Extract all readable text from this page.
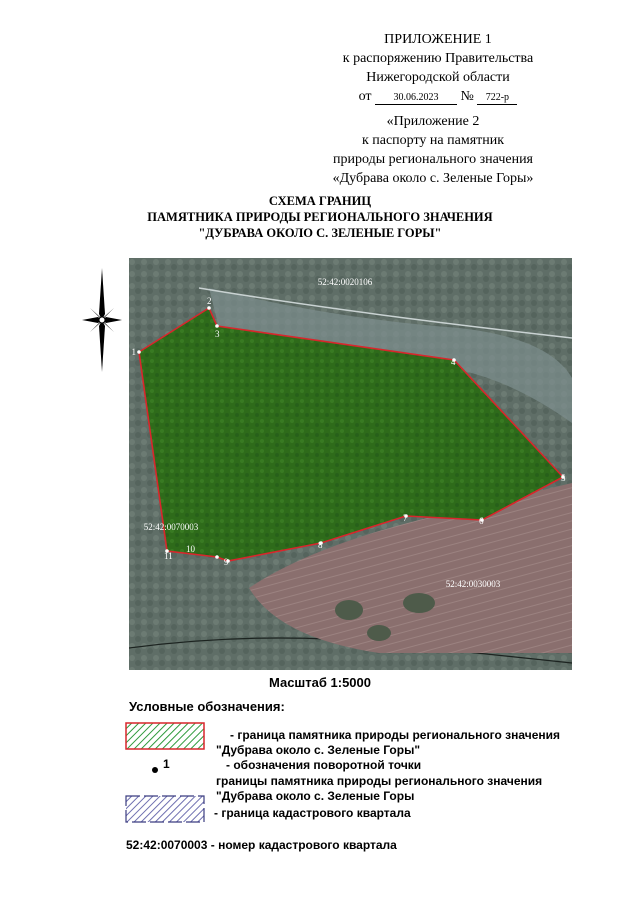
ПРИЛОЖЕНИЕ 1
к распоряжению Правительства
Нижегородской области
от 30.06.2023 № 722-р
«Приложение 2
к паспорту на памятник
природы регионального значения
«Дубрава около с. Зеленые Горы»
СХЕМА ГРАНИЦ
ПАМЯТНИКА ПРИРОДЫ РЕГИОНАЛЬНОГО ЗНАЧЕНИЯ
"ДУБРАВА ОКОЛО С. ЗЕЛЕНЫЕ ГОРЫ"
52:42:0020106
52:42:0070003
52:42:0030003
1
2
3
4
5
6
7
8
9
10
11
Масштаб 1:5000
Условные обозначения:
- граница памятника природы регионального значения
"Дубрава около с. Зеленые Горы"
1	- обозначения поворотной точки
границы памятника природы регионального значения
"Дубрава около с. Зеленые Горы
- граница кадастрового квартала
52:42:0070003 - номер кадастрового квартала
